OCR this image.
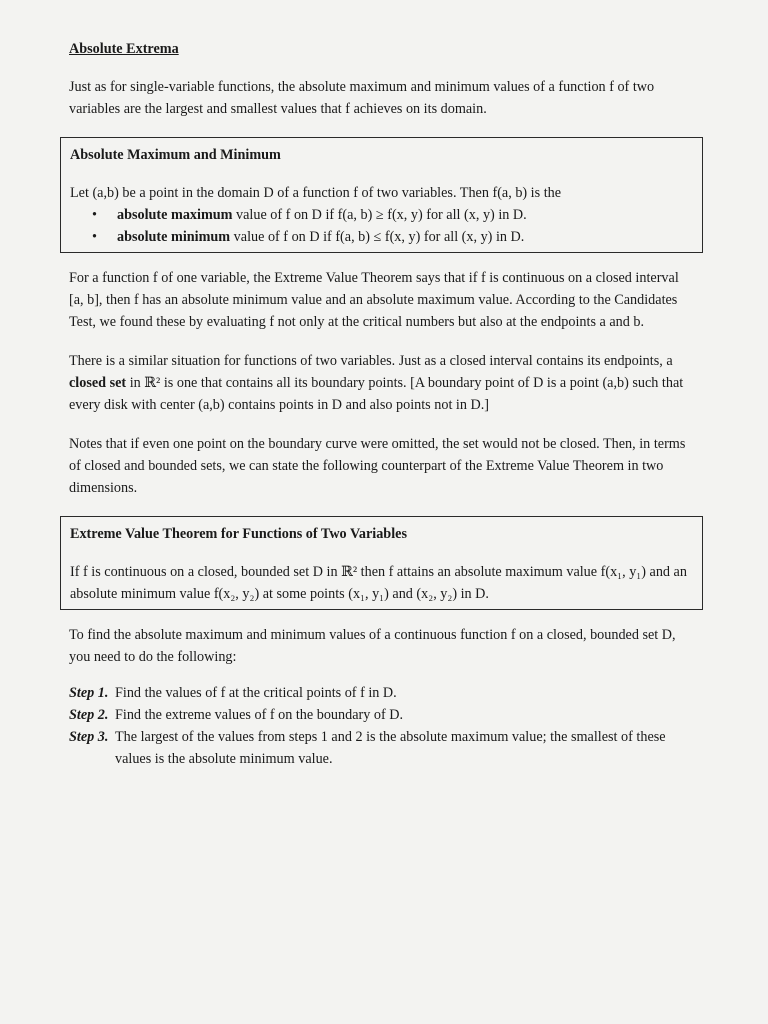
Absolute Extrema

Just as for single-variable functions, the absolute maximum and minimum values of a function f of two variables are the largest and smallest values that f achieves on its domain.

Absolute Maximum and Minimum

Let (a,b) be a point in the domain D of a function f of two variables. Then f(a, b) is the

• absolute maximum value of f on D if f(a, b) ≥ f(x, y) for all (x, y) in D.
• absolute minimum value of f on D if f(a, b) ≤ f(x, y) for all (x, y) in D.

For a function f of one variable, the Extreme Value Theorem says that if f is continuous on a closed interval [a, b], then f has an absolute minimum value and an absolute maximum value. According to the Candidates Test, we found these by evaluating f not only at the critical numbers but also at the endpoints a and b.

There is a similar situation for functions of two variables. Just as a closed interval contains its endpoints, a closed set in ℝ² is one that contains all its boundary points. [A boundary point of D is a point (a,b) such that every disk with center (a,b) contains points in D and also points not in D.]

Notes that if even one point on the boundary curve were omitted, the set would not be closed. Then, in terms of closed and bounded sets, we can state the following counterpart of the Extreme Value Theorem in two dimensions.

Extreme Value Theorem for Functions of Two Variables

If f is continuous on a closed, bounded set D in ℝ² then f attains an absolute maximum value f(x₁, y₁) and an absolute minimum value f(x₂, y₂) at some points (x₁, y₁) and (x₂, y₂) in D.

To find the absolute maximum and minimum values of a continuous function f on a closed, bounded set D, you need to do the following:

Step 1. Find the values of f at the critical points of f in D.
Step 2. Find the extreme values of f on the boundary of D.
Step 3. The largest of the values from steps 1 and 2 is the absolute maximum value; the smallest of these values is the absolute minimum value.
